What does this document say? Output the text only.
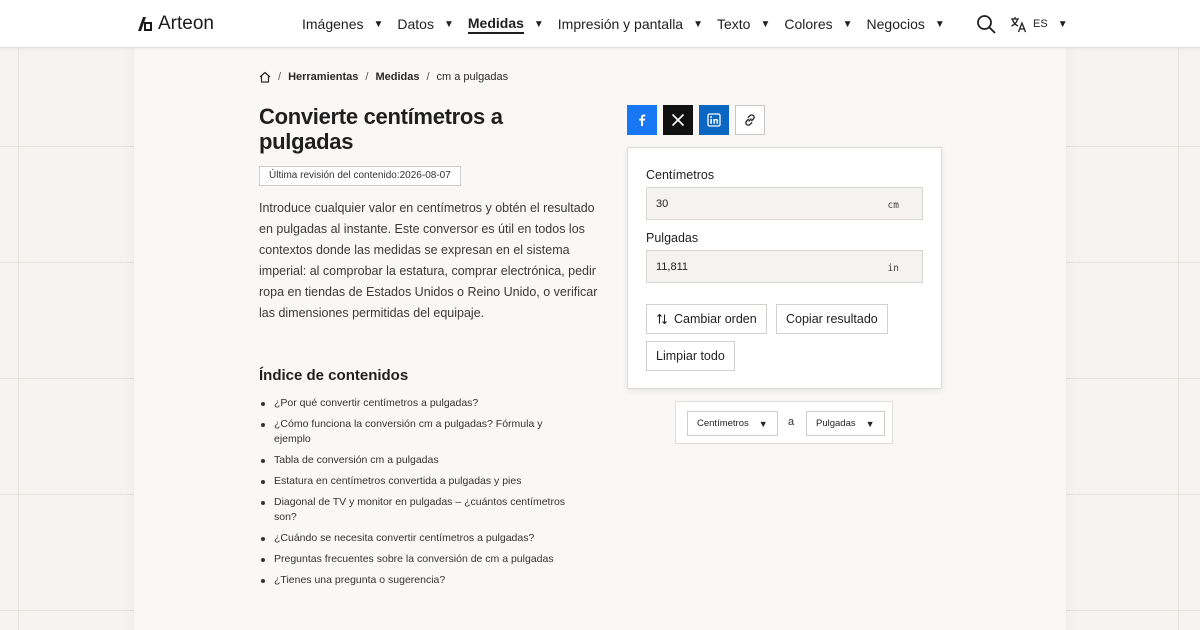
Arteon	Imágenes ▼ Datos ▼ Medidas ▼ Impresión y pantalla ▼ Texto ▼ Colores ▼ Negocios ▼	ES ▼
/ Herramientas / Medidas / cm a pulgadas
Convierte centímetros a pulgadas
Última revisión del contenido:2026-08-07

Introduce cualquier valor en centímetros y obtén el resultado en pulgadas al instante. Este conversor es útil en todos los contextos donde las medidas se expresan en el sistema imperial: al comprobar la estatura, comprar electrónica, pedir ropa en tiendas de Estados Unidos o Reino Unido, o verificar las dimensiones permitidas del equipaje.

Índice de contenidos
¿Por qué convertir centímetros a pulgadas?
¿Cómo funciona la conversión cm a pulgadas? Fórmula y ejemplo
Tabla de conversión cm a pulgadas
Estatura en centímetros convertida a pulgadas y pies
Diagonal de TV y monitor en pulgadas – ¿cuántos centímetros son?
¿Cuándo se necesita convertir centímetros a pulgadas?
Preguntas frecuentes sobre la conversión de cm a pulgadas
¿Tienes una pregunta o sugerencia?
Centímetros
30
cm
Pulgadas
11,811
in
Cambiar orden	Copiar resultado
Limpiar todo
Centímetros ▼ a Pulgadas ▼
